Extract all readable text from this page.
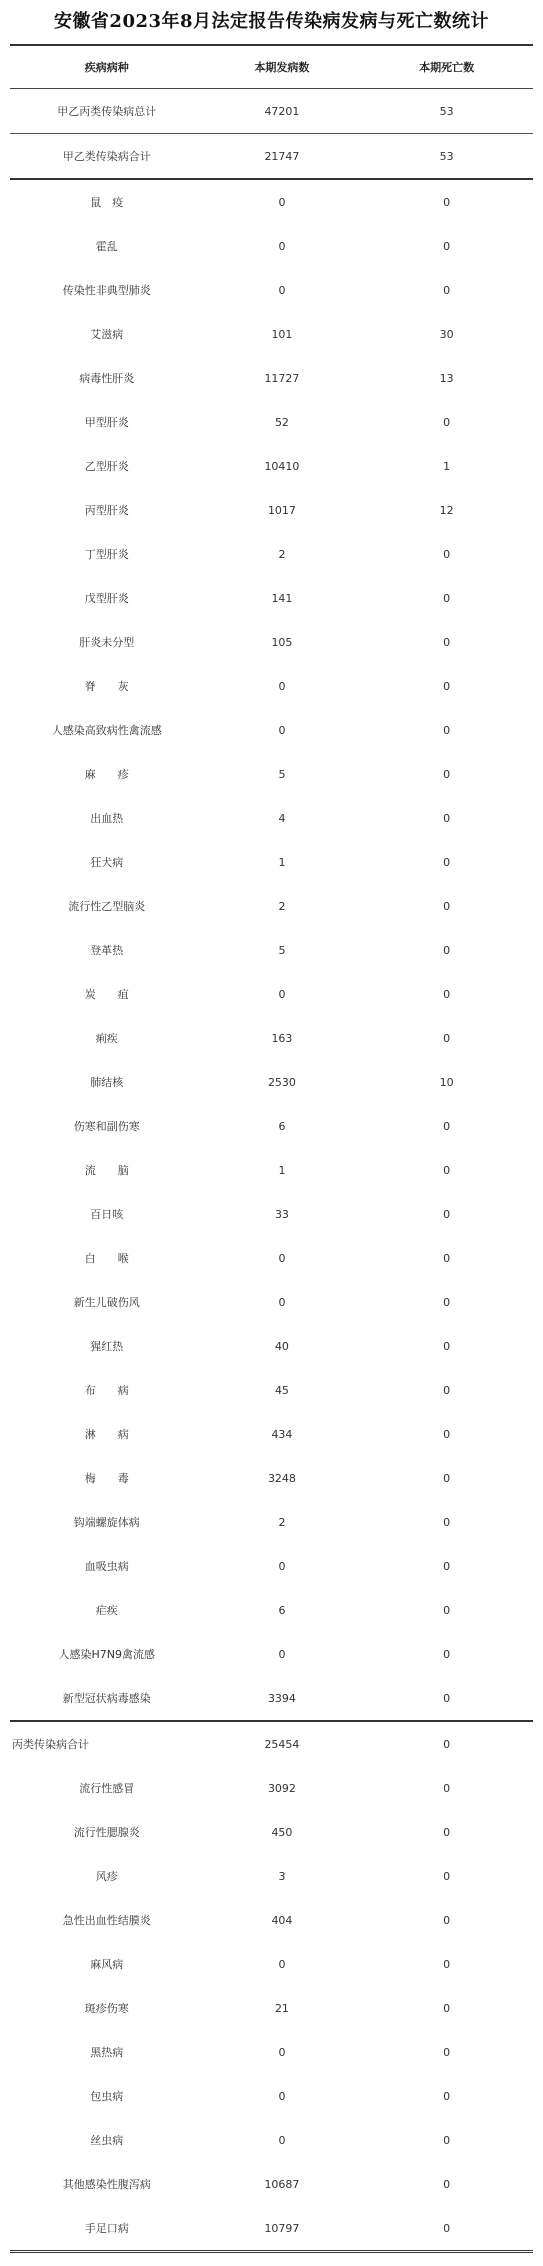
安徽省2023年8月法定报告传染病发病与死亡数统计
疾病病种	本期发病数	本期死亡数
甲乙丙类传染病总计	47201	53
甲乙类传染病合计	21747	53
鼠　疫	0	0
霍乱	0	0
传染性非典型肺炎	0	0
艾滋病	101	30
病毒性肝炎	11727	13
甲型肝炎	52	0
乙型肝炎	10410	1
丙型肝炎	1017	12
丁型肝炎	2	0
戊型肝炎	141	0
肝炎未分型	105	0
脊　　灰	0	0
人感染高致病性禽流感	0	0
麻　　疹	5	0
出血热	4	0
狂犬病	1	0
流行性乙型脑炎	2	0
登革热	5	0
炭　　疽	0	0
痢疾	163	0
肺结核	2530	10
伤寒和副伤寒	6	0
流　　脑	1	0
百日咳	33	0
白　　喉	0	0
新生儿破伤风	0	0
猩红热	40	0
布　　病	45	0
淋　　病	434	0
梅　　毒	3248	0
钩端螺旋体病	2	0
血吸虫病	0	0
疟疾	6	0
人感染H7N9禽流感	0	0
新型冠状病毒感染	3394	0
丙类传染病合计	25454	0
流行性感冒	3092	0
流行性腮腺炎	450	0
风疹	3	0
急性出血性结膜炎	404	0
麻风病	0	0
斑疹伤寒	21	0
黑热病	0	0
包虫病	0	0
丝虫病	0	0
其他感染性腹泻病	10687	0
手足口病	10797	0
